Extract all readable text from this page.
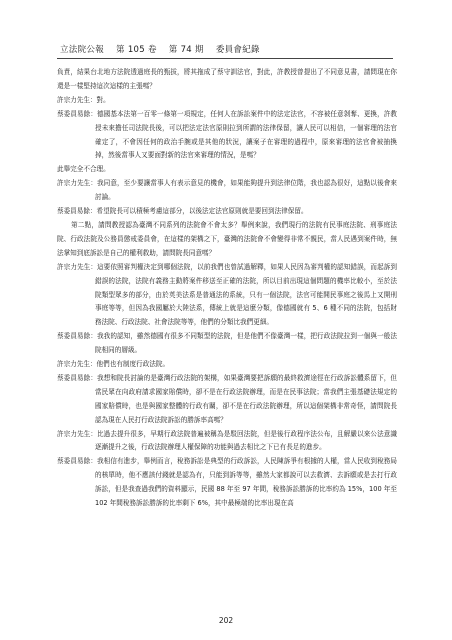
立法院公報 第 105 卷 第 74 期 委員會紀錄

負責，結果台北地方法院透過庭長的甄拔，將其拖成了蔡守訓法官，對此，許教授曾提出了不同意見書，請問現在你還是一樣堅持這次這樣的主張嗎？

許宗力先生：對。

蔡委員易餘：德國基本法第一百零一條第一項規定，任何人在訴訟案件中的法定法官，不容被任意剝奪、更換，許教授未來擔任司法院長後，可以把法定法官原則拉到所謂的法律保留，讓人民可以相信，一個審理的法官確定了，不會因任何的政治手腕或是其他的狀況，讓案子在審理的過程中，原來審理的法官會被抽換掉，然後當事人又要面對新的法官來審理的情況，是嗎？

此舉完全不合理。

許宗力先生：我同意，至少要讓當事人有表示意見的機會，如果能夠提升到法律位階，我也認為很好，這點以後會來討論。

蔡委員易餘：希望院長可以積極考慮這部分，以後法定法官原則就是要回到法律保留。

第二點，請問教授認為臺灣不同系列的法院會不會太多？舉例來說，我們現行的法院有民事庭法院、刑事庭法院、行政法院及公務員懲戒委員會，在這樣的架構之下，臺灣的法院會不會變得非常不親民，當人民遇到案件時，無法掌知到底訴訟是自己的權利救助，請問院長同意嗎？

許宗力先生：這要依照審判權決定到哪個法院，以前我們也曾試過解釋，如果人民因為審判權的認知錯誤，而起訴到錯誤的法院，法院有義務主動將案件移送至正確的法院，所以目前出現這個問題的機率比較小，至於法院類型眾多的部分，由於英美法系是普通法的系統，只有一個法院，法官可能開民事庭之後馬上又開刑事庭等等，但因為我國屬於大陸法系，傳統上就是這麼分類，像德國就有 5、6 種不同的法院，包括財務法院、行政法院、社會法院等等，他們的分類比我們更細。

蔡委員易餘：我我的認知，雖然德國有很多不同類型的法院，但是他們不像臺灣一樣，把行政法院拉到一個與一般法院相同的層級。

許宗力先生：他們也有制度行政法院。

蔡委員易餘：我想和院長討論的是臺灣行政法院的架構，如果臺灣要把訴願的最終救濟途徑在行政訴訟體系留下，但當民眾在向政府請求國家賠償時，卻不是在行政法院辦理，而是在民事法院；當我們主張基礎法規定的國家賠償時，也是與國家整體的行政有關，卻不是在行政法院辦理，所以這個架構非常奇怪，請問院長認為現在人民打行政法院訴訟的勝訴率高嗎？

許宗力先生：比過去提升很多，早期行政法院普遍被稱為是駁回法院，但是後行政程序法公布，且解嚴以來公法意識逐漸提升之後，行政法院辦理人權保障的功能與過去相比之下已有長足的進步。

蔡委員易餘：我相信有進步，舉例而言，稅務訴訟是典型的行政訴訟，人民陳訴爭有根據的人權，當人民收到稅務局的核單時，他不應該付錢就是認為有，只能到訴等等，雖然大家都說可以去救濟、去訴願或是去打行政訴訟，但是我查過我們的資料顯示，民國 88 年至 97 年間，稅務訴訟勝訴的比率約為 15%，100 年至 102 年間稅務訴訟勝訴的比率剩下 6%，其中最極端的比率出現在高

202
